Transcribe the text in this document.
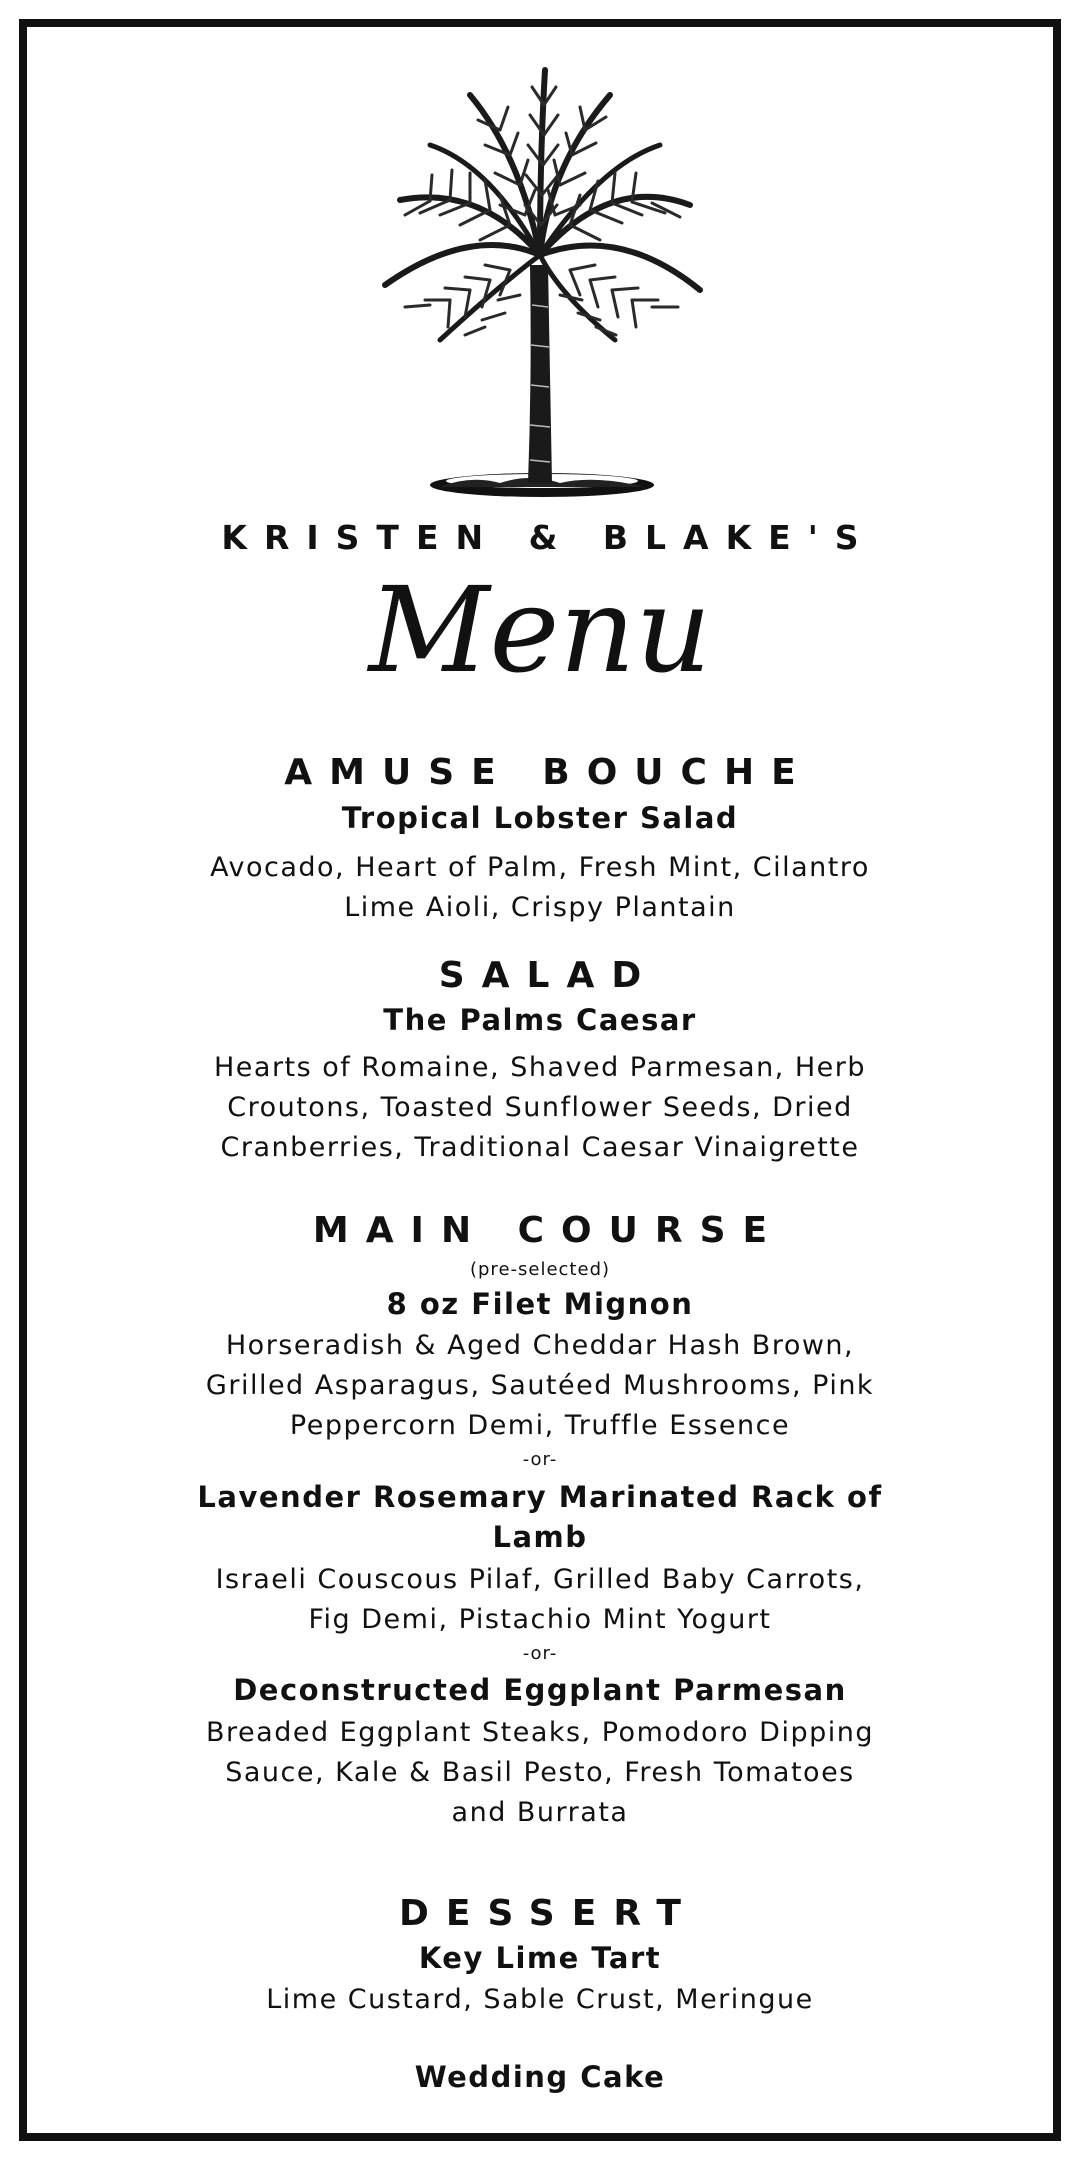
KRISTEN & BLAKE'S
Menu
AMUSE BOUCHE
Tropical Lobster Salad
Avocado, Heart of Palm, Fresh Mint, Cilantro
Lime Aioli, Crispy Plantain
SALAD
The Palms Caesar
Hearts of Romaine, Shaved Parmesan, Herb
Croutons, Toasted Sunflower Seeds, Dried
Cranberries, Traditional Caesar Vinaigrette
MAIN COURSE
(pre-selected)
8 oz Filet Mignon
Horseradish & Aged Cheddar Hash Brown,
Grilled Asparagus, Sautéed Mushrooms, Pink
Peppercorn Demi, Truffle Essence
-or-
Lavender Rosemary Marinated Rack of
Lamb
Israeli Couscous Pilaf, Grilled Baby Carrots,
Fig Demi, Pistachio Mint Yogurt
-or-
Deconstructed Eggplant Parmesan
Breaded Eggplant Steaks, Pomodoro Dipping
Sauce, Kale & Basil Pesto, Fresh Tomatoes
and Burrata
DESSERT
Key Lime Tart
Lime Custard, Sable Crust, Meringue
Wedding Cake
